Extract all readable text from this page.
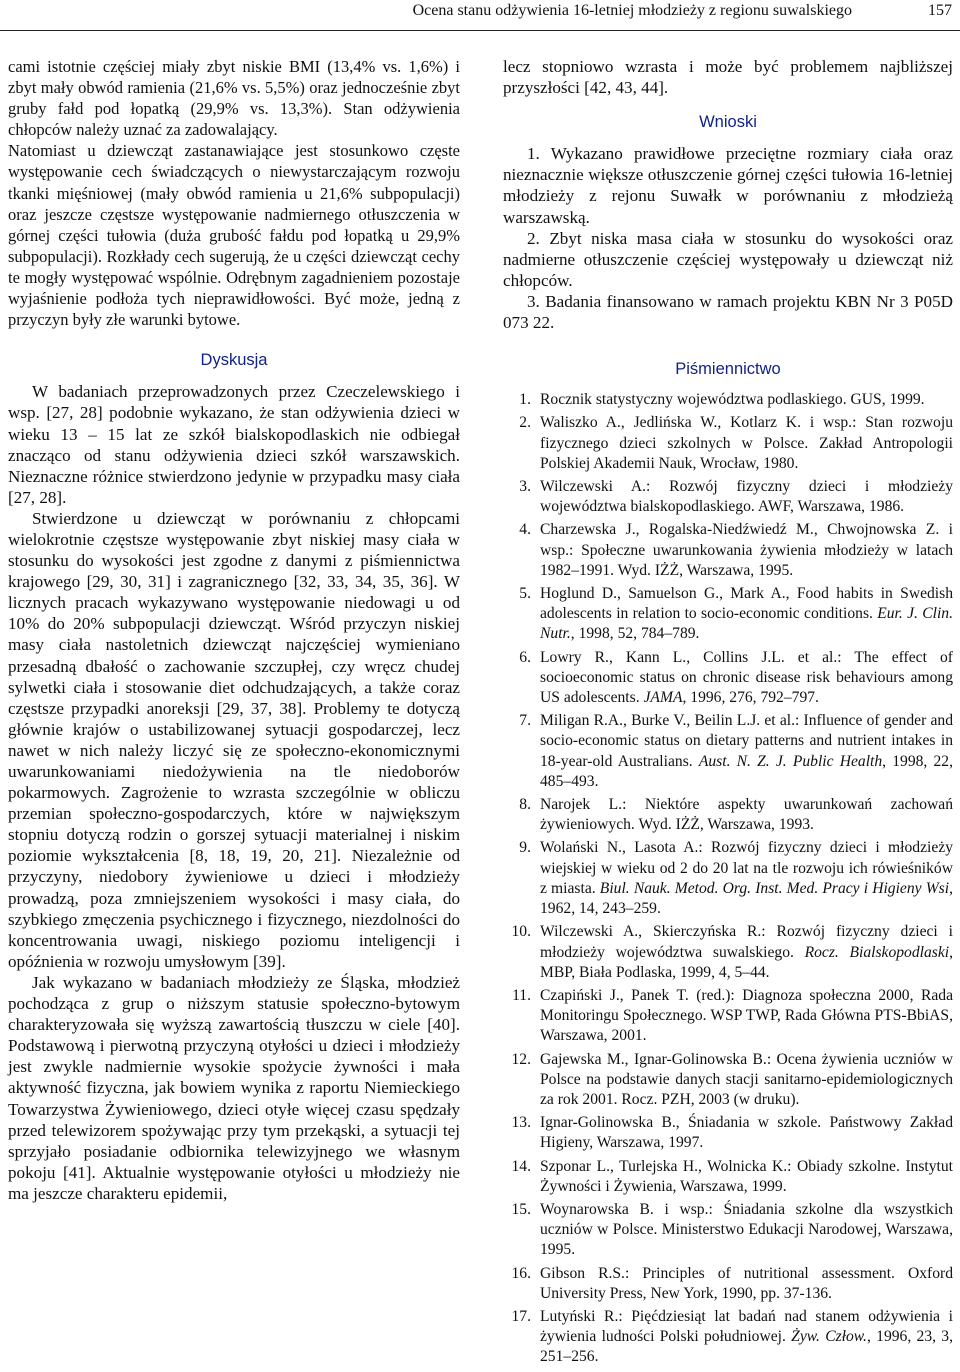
Ocena stanu odżywienia 16-letniej młodzieży z regionu suwalskiego	157

cami istotnie częściej miały zbyt niskie BMI (13,4% vs. 1,6%) i zbyt mały obwód ramienia (21,6% vs. 5,5%) oraz jednocześnie zbyt gruby fałd pod łopatką (29,9% vs. 13,3%). Stan odżywienia chłopców należy uznać za zadowalający.

Natomiast u dziewcząt zastanawiające jest stosunkowo częste występowanie cech świadczących o niewystarczającym rozwoju tkanki mięśniowej (mały obwód ramienia u 21,6% subpopulacji) oraz jeszcze częstsze występowanie nadmiernego otłuszczenia w górnej części tułowia (duża grubość fałdu pod łopatką u 29,9% subpopulacji). Rozkłady cech sugerują, że u części dziewcząt cechy te mogły występować wspólnie. Odrębnym zagadnieniem pozostaje wyjaśnienie podłoża tych nieprawidłowości. Być może, jedną z przyczyn były złe warunki bytowe.

Dyskusja

W badaniach przeprowadzonych przez Czeczelewskiego i wsp. [27, 28] podobnie wykazano, że stan odżywienia dzieci w wieku 13 – 15 lat ze szkół bialskopodlaskich nie odbiegał znacząco od stanu odżywienia dzieci szkół warszawskich. Nieznaczne różnice stwierdzono jedynie w przypadku masy ciała [27, 28].

Stwierdzone u dziewcząt w porównaniu z chłopcami wielokrotnie częstsze występowanie zbyt niskiej masy ciała w stosunku do wysokości jest zgodne z danymi z piśmiennictwa krajowego [29, 30, 31] i zagranicznego [32, 33, 34, 35, 36]. W licznych pracach wykazywano występowanie niedowagi u od 10% do 20% subpopulacji dziewcząt. Wśród przyczyn niskiej masy ciała nastoletnich dziewcząt najczęściej wymieniano przesadną dbałość o zachowanie szczupłej, czy wręcz chudej sylwetki ciała i stosowanie diet odchudzających, a także coraz częstsze przypadki anoreksji [29, 37, 38]. Problemy te dotyczą głównie krajów o ustabilizowanej sytuacji gospodarczej, lecz nawet w nich należy liczyć się ze społeczno-ekonomicznymi uwarunkowaniami niedożywienia na tle niedoborów pokarmowych. Zagrożenie to wzrasta szczególnie w obliczu przemian społeczno-gospodarczych, które w największym stopniu dotyczą rodzin o gorszej sytuacji materialnej i niskim poziomie wykształcenia [8, 18, 19, 20, 21]. Niezależnie od przyczyny, niedobory żywieniowe u dzieci i młodzieży prowadzą, poza zmniejszeniem wysokości i masy ciała, do szybkiego zmęczenia psychicznego i fizycznego, niezdolności do koncentrowania uwagi, niskiego poziomu inteligencji i opóźnienia w rozwoju umysłowym [39].

Jak wykazano w badaniach młodzieży ze Śląska, młodzież pochodząca z grup o niższym statusie społeczno-bytowym charakteryzowała się wyższą zawartością tłuszczu w ciele [40]. Podstawową i pierwotną przyczyną otyłości u dzieci i młodzieży jest zwykle nadmiernie wysokie spożycie żywności i mała aktywność fizyczna, jak bowiem wynika z raportu Niemieckiego Towarzystwa Żywieniowego, dzieci otyłe więcej czasu spędzały przed telewizorem spożywając przy tym przekąski, a sytuacji tej sprzyjało posiadanie odbiornika telewizyjnego we własnym pokoju [41]. Aktualnie występowanie otyłości u młodzieży nie ma jeszcze charakteru epidemii,

lecz stopniowo wzrasta i może być problemem najbliższej przyszłości [42, 43, 44].

Wnioski

1. Wykazano prawidłowe przeciętne rozmiary ciała oraz nieznacznie większe otłuszczenie górnej części tułowia 16-letniej młodzieży z rejonu Suwałk w porównaniu z młodzieżą warszawską.

2. Zbyt niska masa ciała w stosunku do wysokości oraz nadmierne otłuszczenie częściej występowały u dziewcząt niż chłopców.

3. Badania finansowano w ramach projektu KBN Nr 3 P05D 073 22.

Piśmiennictwo
1. Rocznik statystyczny województwa podlaskiego. GUS, 1999.
2. Waliszko A., Jedlińska W., Kotlarz K. i wsp.: Stan rozwoju fizycznego dzieci szkolnych w Polsce. Zakład Antropologii Polskiej Akademii Nauk, Wrocław, 1980.
3. Wilczewski A.: Rozwój fizyczny dzieci i młodzieży województwa bialskopodlaskiego. AWF, Warszawa, 1986.
4. Charzewska J., Rogalska-Niedźwiedź M., Chwojnowska Z. i wsp.: Społeczne uwarunkowania żywienia młodzieży w latach 1982–1991. Wyd. IŻŻ, Warszawa, 1995.
5. Hoglund D., Samuelson G., Mark A., Food habits in Swedish adolescents in relation to socio-economic conditions. Eur. J. Clin. Nutr., 1998, 52, 784–789.
6. Lowry R., Kann L., Collins J.L. et al.: The effect of socioeconomic status on chronic disease risk behaviours among US adolescents. JAMA, 1996, 276, 792–797.
7. Miligan R.A., Burke V., Beilin L.J. et al.: Influence of gender and socio-economic status on dietary patterns and nutrient intakes in 18-year-old Australians. Aust. N. Z. J. Public Health, 1998, 22, 485–493.
8. Narojek L.: Niektóre aspekty uwarunkowań zachowań żywieniowych. Wyd. IŻŻ, Warszawa, 1993.
9. Wolański N., Lasota A.: Rozwój fizyczny dzieci i młodzieży wiejskiej w wieku od 2 do 20 lat na tle rozwoju ich rówieśników z miasta. Biul. Nauk. Metod. Org. Inst. Med. Pracy i Higieny Wsi, 1962, 14, 243–259.
10. Wilczewski A., Skierczyńska R.: Rozwój fizyczny dzieci i młodzieży województwa suwalskiego. Rocz. Bialskopodlaski, MBP, Biała Podlaska, 1999, 4, 5–44.
11. Czapiński J., Panek T. (red.): Diagnoza społeczna 2000, Rada Monitoringu Społecznego. WSP TWP, Rada Główna PTS-BbiAS, Warszawa, 2001.
12. Gajewska M., Ignar-Golinowska B.: Ocena żywienia uczniów w Polsce na podstawie danych stacji sanitarno-epidemiologicznych za rok 2001. Rocz. PZH, 2003 (w druku).
13. Ignar-Golinowska B., Śniadania w szkole. Państwowy Zakład Higieny, Warszawa, 1997.
14. Szponar L., Turlejska H., Wolnicka K.: Obiady szkolne. Instytut Żywności i Żywienia, Warszawa, 1999.
15. Woynarowska B. i wsp.: Śniadania szkolne dla wszystkich uczniów w Polsce. Ministerstwo Edukacji Narodowej, Warszawa, 1995.
16. Gibson R.S.: Principles of nutritional assessment. Oxford University Press, New York, 1990, pp. 37-136.
17. Lutyński R.: Pięćdziesiąt lat badań nad stanem odżywienia i żywienia ludności Polski południowej. Żyw. Człow., 1996, 23, 3, 251–256.
